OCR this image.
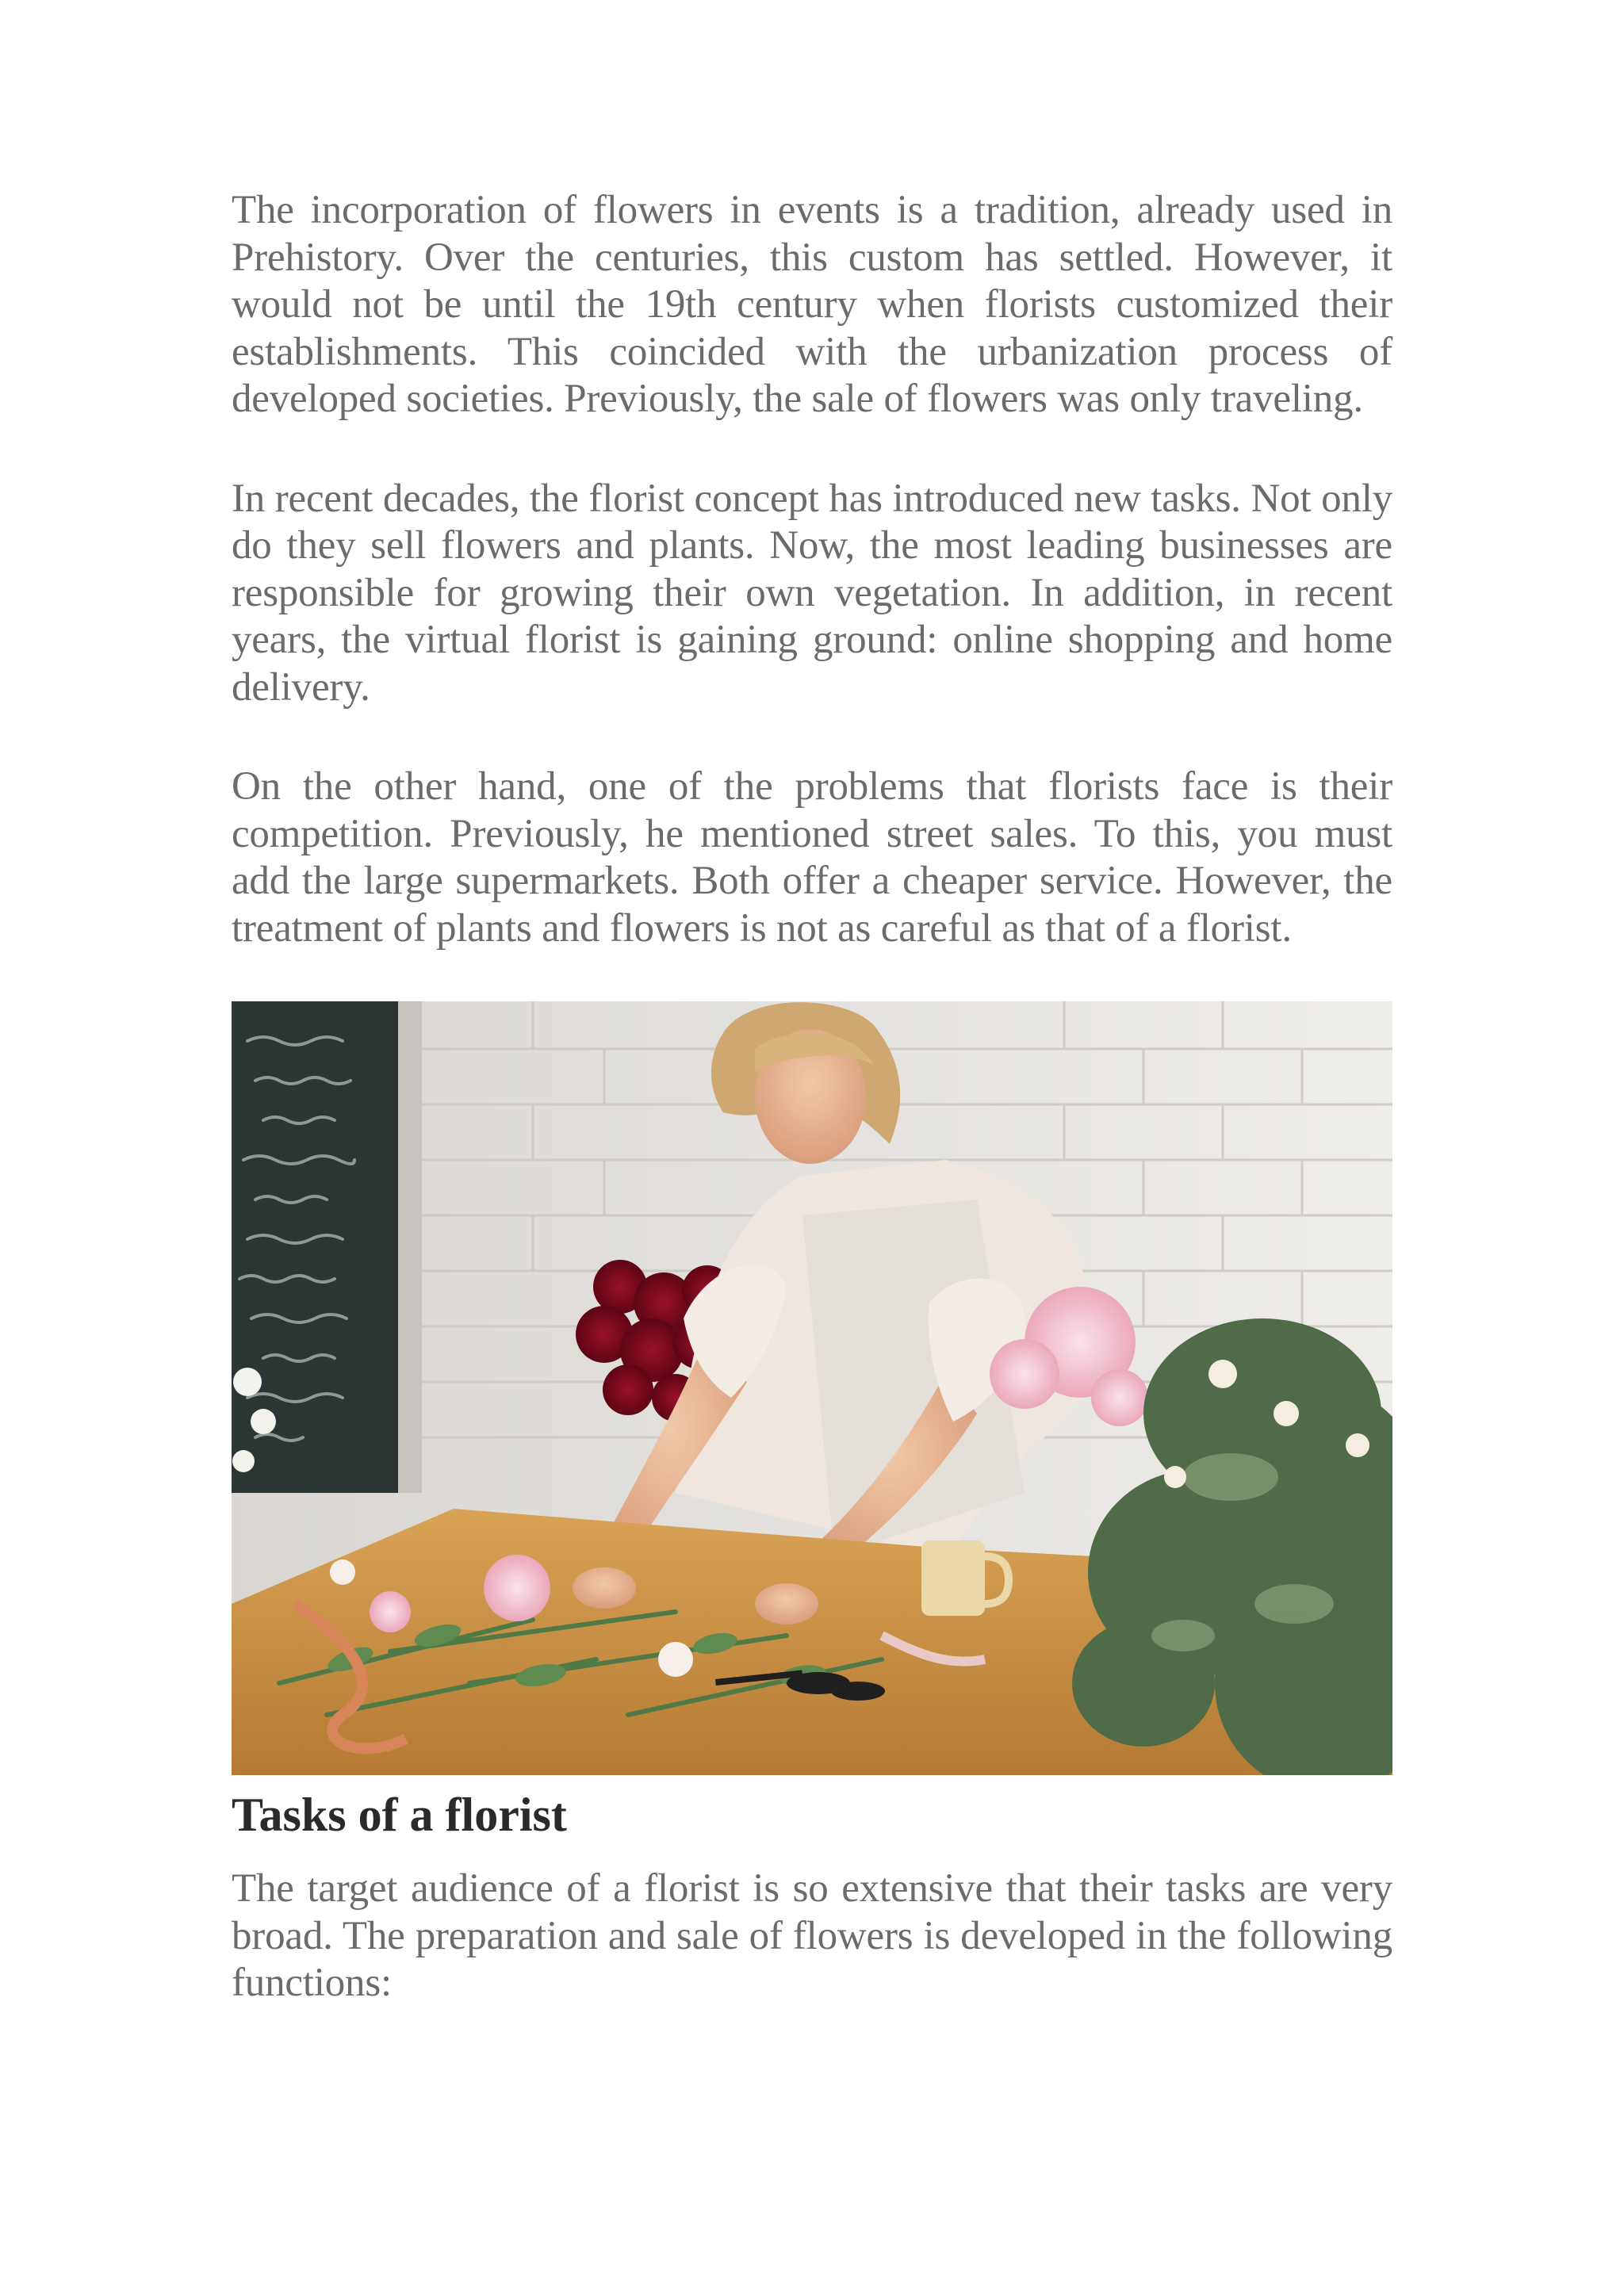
The incorporation of flowers in events is a tradition, already used in Prehistory. Over the centuries, this custom has settled. However, it would not be until the 19th century when florists customized their establishments. This coincided with the urbanization process of developed societies. Previously, the sale of flowers was only traveling.

In recent decades, the florist concept has introduced new tasks. Not only do they sell flowers and plants. Now, the most leading businesses are responsible for growing their own vegetation. In addition, in recent years, the virtual florist is gaining ground: online shopping and home delivery.

On the other hand, one of the problems that florists face is their competition. Previously, he mentioned street sales. To this, you must add the large supermarkets. Both offer a cheaper service. However, the treatment of plants and flowers is not as careful as that of a florist.

Tasks of a florist

The target audience of a florist is so extensive that their tasks are very broad. The preparation and sale of flowers is developed in the following functions:
